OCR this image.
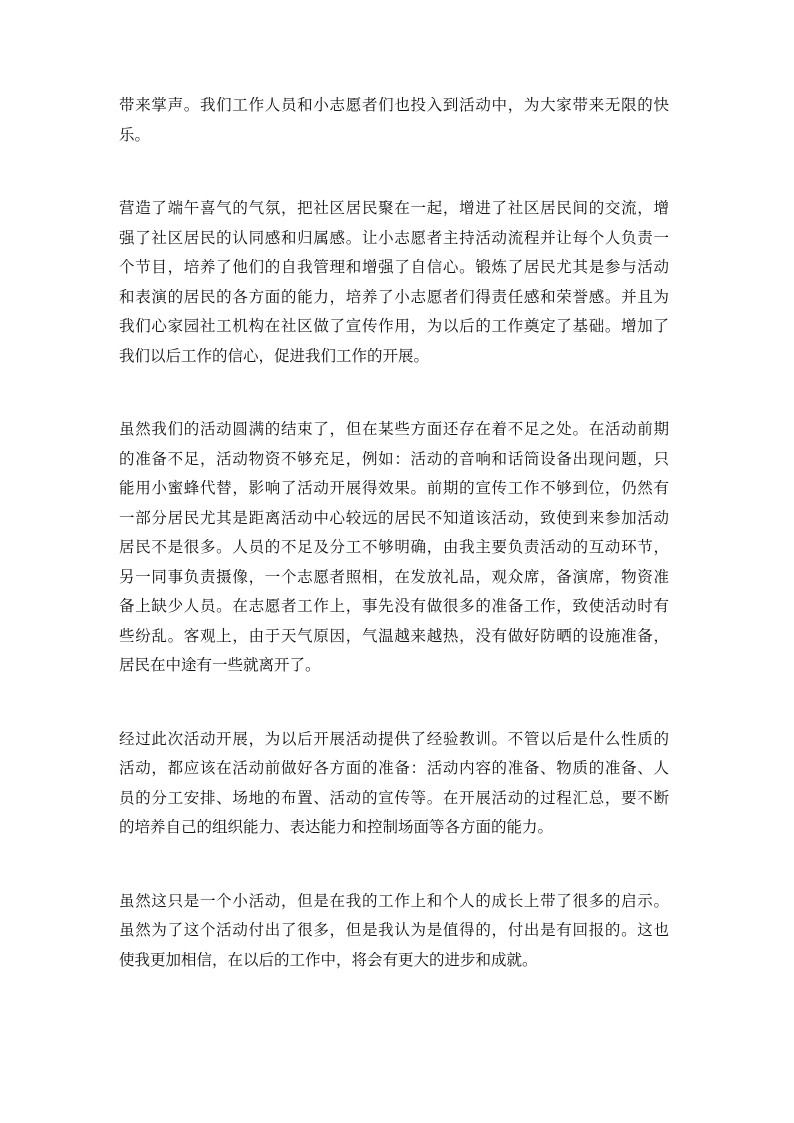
带来掌声。我们工作人员和小志愿者们也投入到活动中，为大家带来无限的快
乐。

营造了端午喜气的气氛，把社区居民聚在一起，增进了社区居民间的交流，增
强了社区居民的认同感和归属感。让小志愿者主持活动流程并让每个人负责一
个节目，培养了他们的自我管理和增强了自信心。锻炼了居民尤其是参与活动
和表演的居民的各方面的能力，培养了小志愿者们得责任感和荣誉感。并且为
我们心家园社工机构在社区做了宣传作用，为以后的工作奠定了基础。增加了
我们以后工作的信心，促进我们工作的开展。

虽然我们的活动圆满的结束了，但在某些方面还存在着不足之处。在活动前期
的准备不足，活动物资不够充足，例如：活动的音响和话筒设备出现问题，只
能用小蜜蜂代替，影响了活动开展得效果。前期的宣传工作不够到位，仍然有
一部分居民尤其是距离活动中心较远的居民不知道该活动，致使到来参加活动
居民不是很多。人员的不足及分工不够明确，由我主要负责活动的互动环节，
另一同事负责摄像，一个志愿者照相，在发放礼品，观众席，备演席，物资准
备上缺少人员。在志愿者工作上，事先没有做很多的准备工作，致使活动时有
些纷乱。客观上，由于天气原因，气温越来越热，没有做好防晒的设施准备，
居民在中途有一些就离开了。

经过此次活动开展，为以后开展活动提供了经验教训。不管以后是什么性质的
活动，都应该在活动前做好各方面的准备：活动内容的准备、物质的准备、人
员的分工安排、场地的布置、活动的宣传等。在开展活动的过程汇总，要不断
的培养自己的组织能力、表达能力和控制场面等各方面的能力。

虽然这只是一个小活动，但是在我的工作上和个人的成长上带了很多的启示。
虽然为了这个活动付出了很多，但是我认为是值得的，付出是有回报的。这也
使我更加相信，在以后的工作中，将会有更大的进步和成就。
